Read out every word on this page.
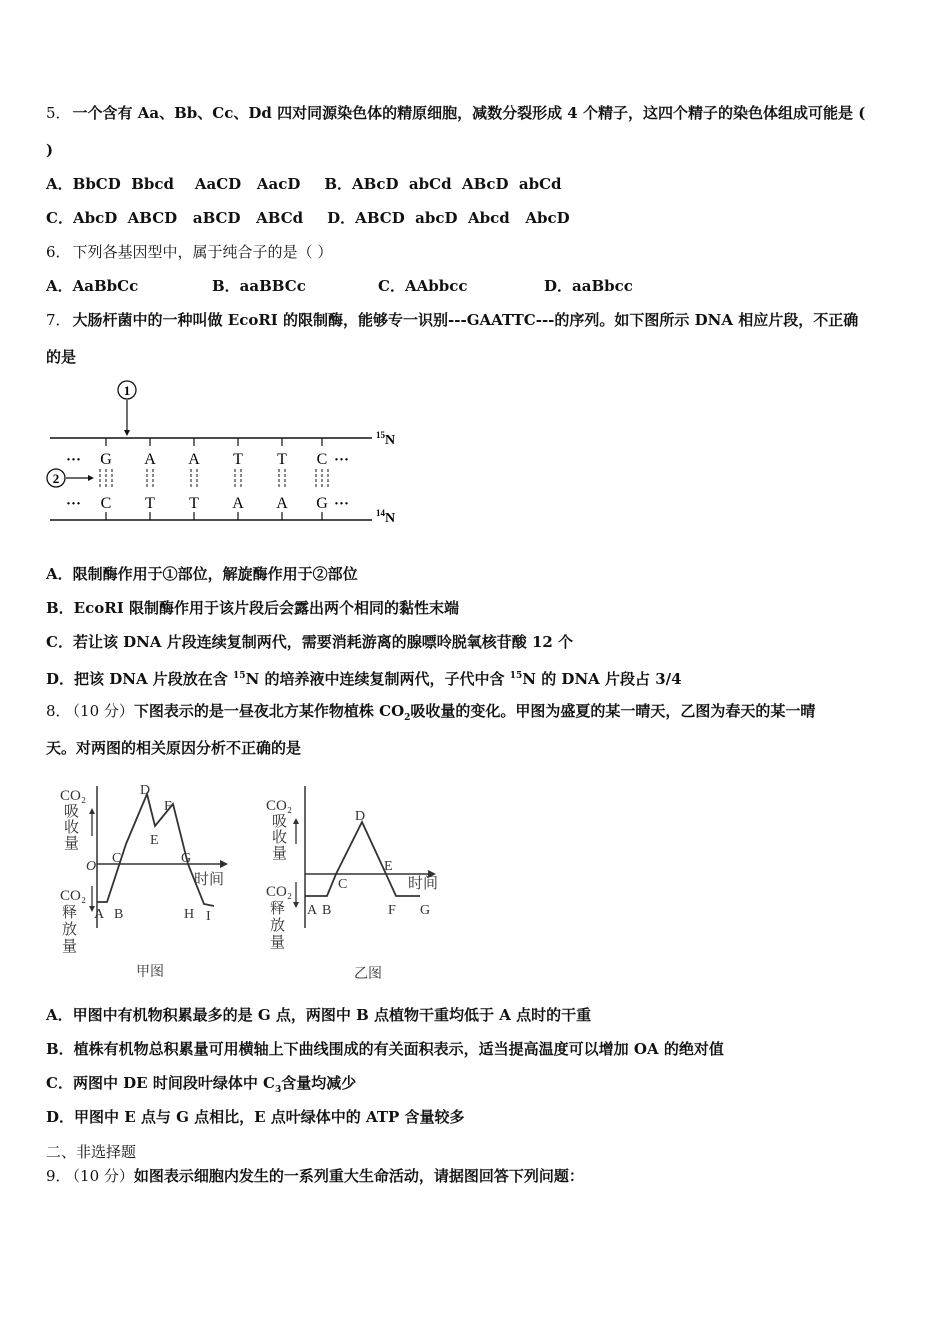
5． 一个含有 Aa、Bb、Cc、Dd 四对同源染色体的精原细胞，减数分裂形成 4 个精子，这四个精子的染色体组成可能是 (
)
A．BbCD  Bbcd    AaCD   AacD B．ABcD  abCd  ABcD  abCd
C．AbcD  ABCD   aBCD   ABCd D．ABCD  abcD  Abcd   AbcD
6． 下列各基因型中，属于纯合子的是（ ）
A．AaBbCc	B．aaBBCc	C．AAbbcc	D．aaBbcc
7． 大肠杆菌中的一种叫做 EcoRI 的限制酶，能够专一识别---GAATTC---的序列。如下图所示 DNA 相应片段，不正确
的是
1
$^{15}$N
··· G A A T T C ···
2
··· C T T A A G ···
$^{14}$N
A．限制酶作用于①部位，解旋酶作用于②部位
B．EcoRI 限制酶作用于该片段后会露出两个相同的黏性末端
C．若让该 DNA 片段连续复制两代，需要消耗游离的腺嘌呤脱氧核苷酸 12 个
D．把该 DNA 片段放在含 $^{15}$N 的培养液中连续复制两代，子代中含 $^{15}$N 的 DNA 片段占 3/4
8． （10 分）下图表示的是一昼夜北方某作物植株 $CO_2$吸收量的变化。甲图为盛夏的某一晴天，乙图为春天的某一晴
天。对两图的相关原因分析不正确的是
CO₂
吸
收
量
CO₂
释
放
量
O
时间
A B
C
D
E
F
G
H I
甲图
CO₂
吸
收
量
CO₂
释
放
量
时间
A B
C
D
E
F G
乙图
A．甲图中有机物积累最多的是 G 点，两图中 B 点植物干重均低于 A 点时的干重
B．植株有机物总积累量可用横轴上下曲线围成的有关面积表示，适当提高温度可以增加 OA 的绝对值
C．两图中 DE 时间段叶绿体中 $C_3$含量均减少
D．甲图中 E 点与 G 点相比，E 点叶绿体中的 ATP 含量较多
二、非选择题
9． （10 分）如图表示细胞内发生的一系列重大生命活动，请据图回答下列问题：
